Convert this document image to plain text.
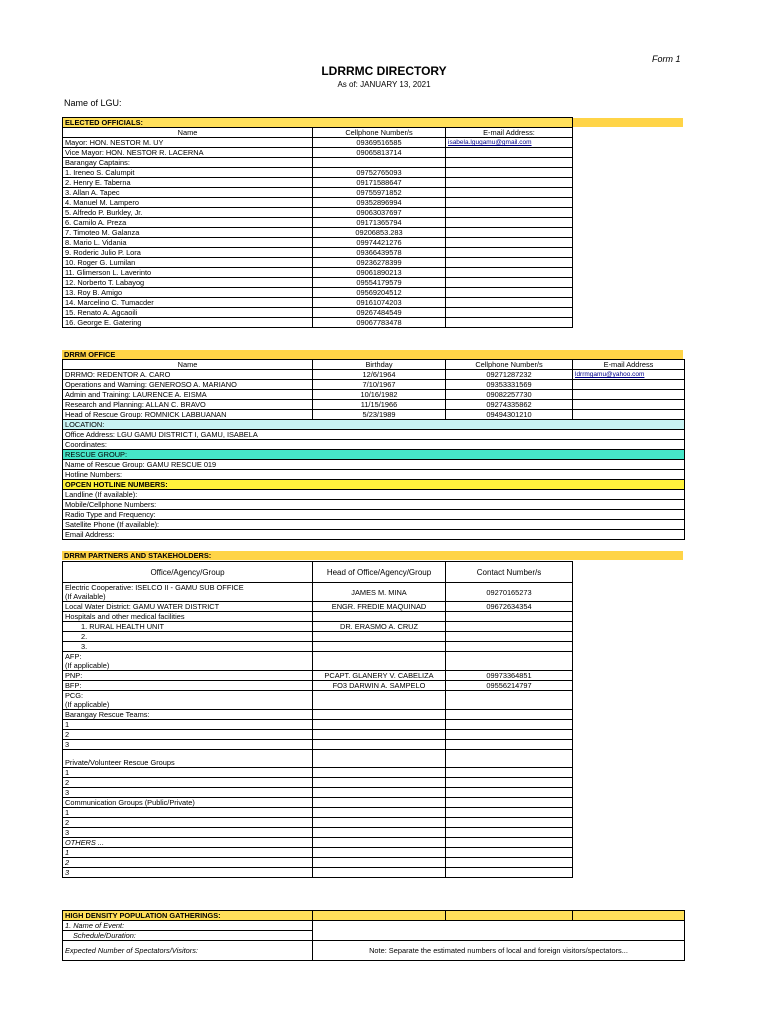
Form 1
LDRRMC DIRECTORY
As of: JANUARY 13, 2021
Name of LGU:
ELECTED OFFICIALS:		
Name	Cellphone Number/s	E-mail Address:
Mayor: HON. NESTOR M. UY	09369516585	isabela.lgugamu@gmail.com
Vice Mayor: HON. NESTOR R. LACERNA	09065813714	
Barangay Captains:		
1. Ireneo S. Calumpit	09752765093	
2. Henry E. Taberna	09171588647	
3. Allan A. Tapec	09755971852	
4. Manuel M. Lampero	09352896994	
5. Alfredo P. Burkley, Jr.	09063037697	
6. Camilo A. Preza	09171365794	
7. Timoteo M. Galanza	09206853.283	
8. Mario L. Vidania	09974421276	
9. Roderic Julio P. Lora	09366439578	
10. Roger G. Lumilan	09236278399	
11. Glimerson L. Laverinto	09061890213	
12. Norberto T. Labayog	09554179579	
13. Roy B. Amigo	09569204512	
14. Marcelino C. Tumacder	09161074203	
15. Renato A. Agcaoili	09267484549	
16. George E. Gatering	09067783478	
DRRM OFFICE
Name	Birthday	Cellphone Number/s	E-mail Address
DRRMO: REDENTOR A. CARO	12/6/1964	09271287232	ldrrmgamu@yahoo.com
Operations and Warning: GENEROSO A. MARIANO	7/10/1967	09353331569	
Admin and Training: LAURENCE A. EISMA	10/16/1982	09082257730	
Research and Planning: ALLAN C. BRAVO	11/15/1966	09274335862	
Head of Rescue Group: ROMNICK LABBUANAN	5/23/1989	09494301210	
LOCATION:			
Office Address: LGU GAMU DISTRICT I, GAMU, ISABELA			
Coordinates:			
RESCUE GROUP:			
Name of Rescue Group: GAMU RESCUE 019			
Hotline Numbers:			
OPCEN HOTLINE NUMBERS:			
Landline (If available):			
Mobile/Cellphone Numbers:			
Radio Type and Frequency:			
Satellite Phone (If available):			
Email Address:			
DRRM PARTNERS AND STAKEHOLDERS:
Office/Agency/Group	Head of Office/Agency/Group	Contact Number/s
Electric Cooperative: ISELCO II - GAMU SUB OFFICE	JAMES M. MINA	09270165273
(If Available)		
Local Water District: GAMU WATER DISTRICT	ENGR. FREDIE MAQUINAD	09672634354
Hospitals and other medical facilities		
1. RURAL HEALTH UNIT	DR. ERASMO A. CRUZ	
2.		
3.		
AFP:		
(If applicable)		
PNP:	PCAPT. GLANERY V. CABELIZA	09973364851
BFP:	FO3 DARWIN A. SAMPELO	09556214797
PCG:		
(If applicable)		
Barangay Rescue Teams:		
1		
2		
3		
Private/Volunteer Rescue Groups		
1		
2		
3		
Communication Groups (Public/Private)		
1		
2		
3		
OTHERS ...		
1		
2		
3		
HIGH DENSITY POPULATION GATHERINGS:			
1. Name of Event:			
Schedule/Duration:			
Expected Number of Spectators/Visitors:	Note: Separate the estimated numbers of local and foreign visitors/spectators...		
